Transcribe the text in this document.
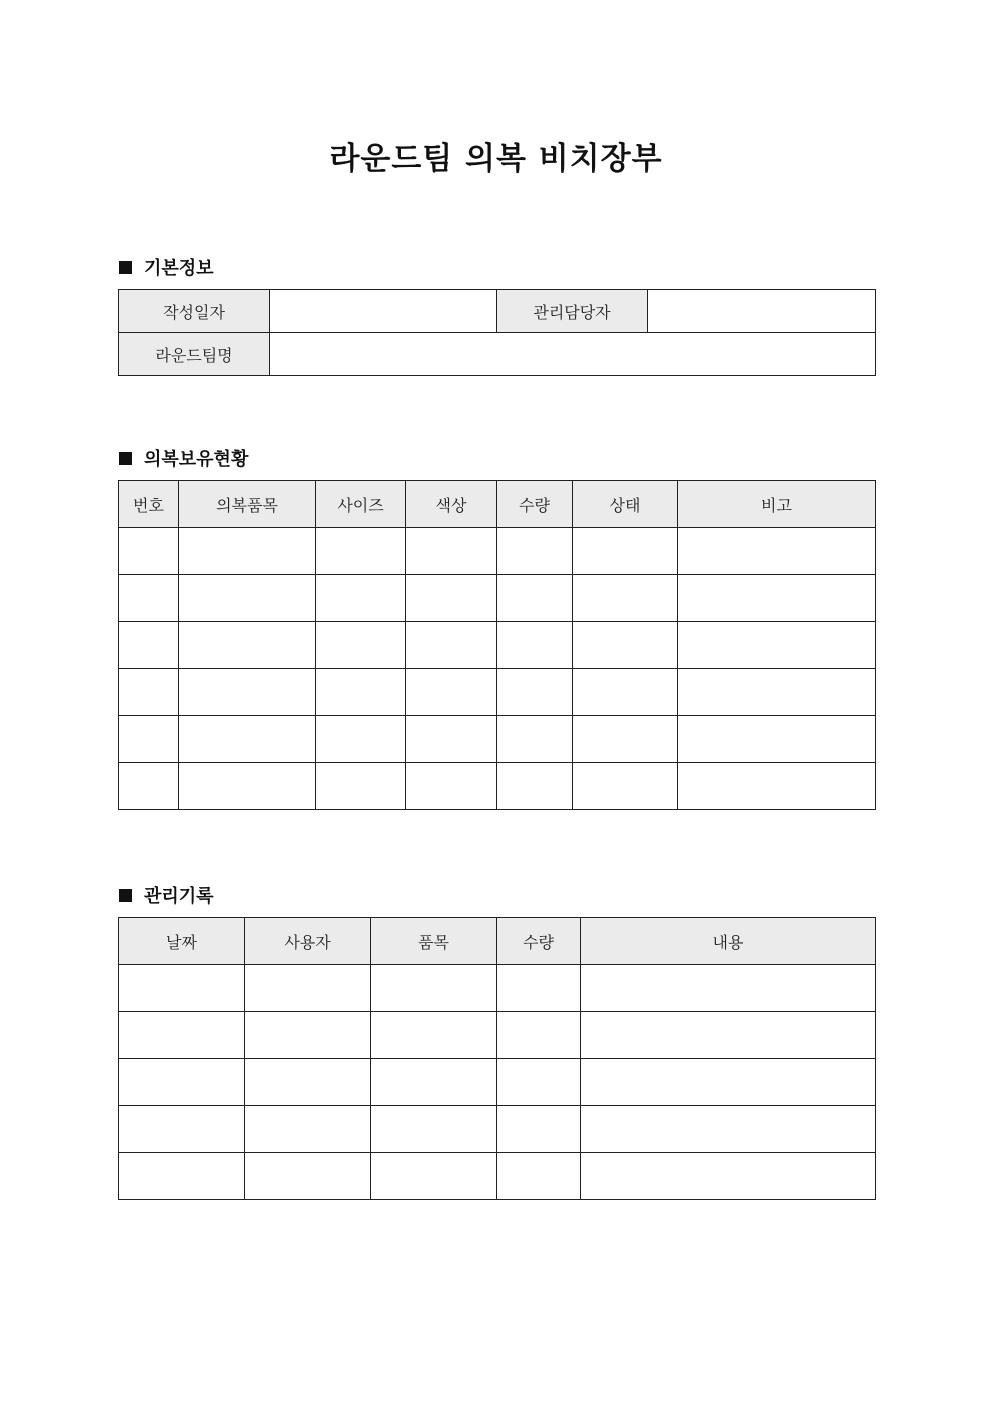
라운드팀 의복 비치장부
기본정보
작성일자		관리담당자	
라운드팀명			
의복보유현황
번호	의복품목	사이즈	색상	수량	상태	비고

관리기록
날짜	사용자	품목	수량	내용
